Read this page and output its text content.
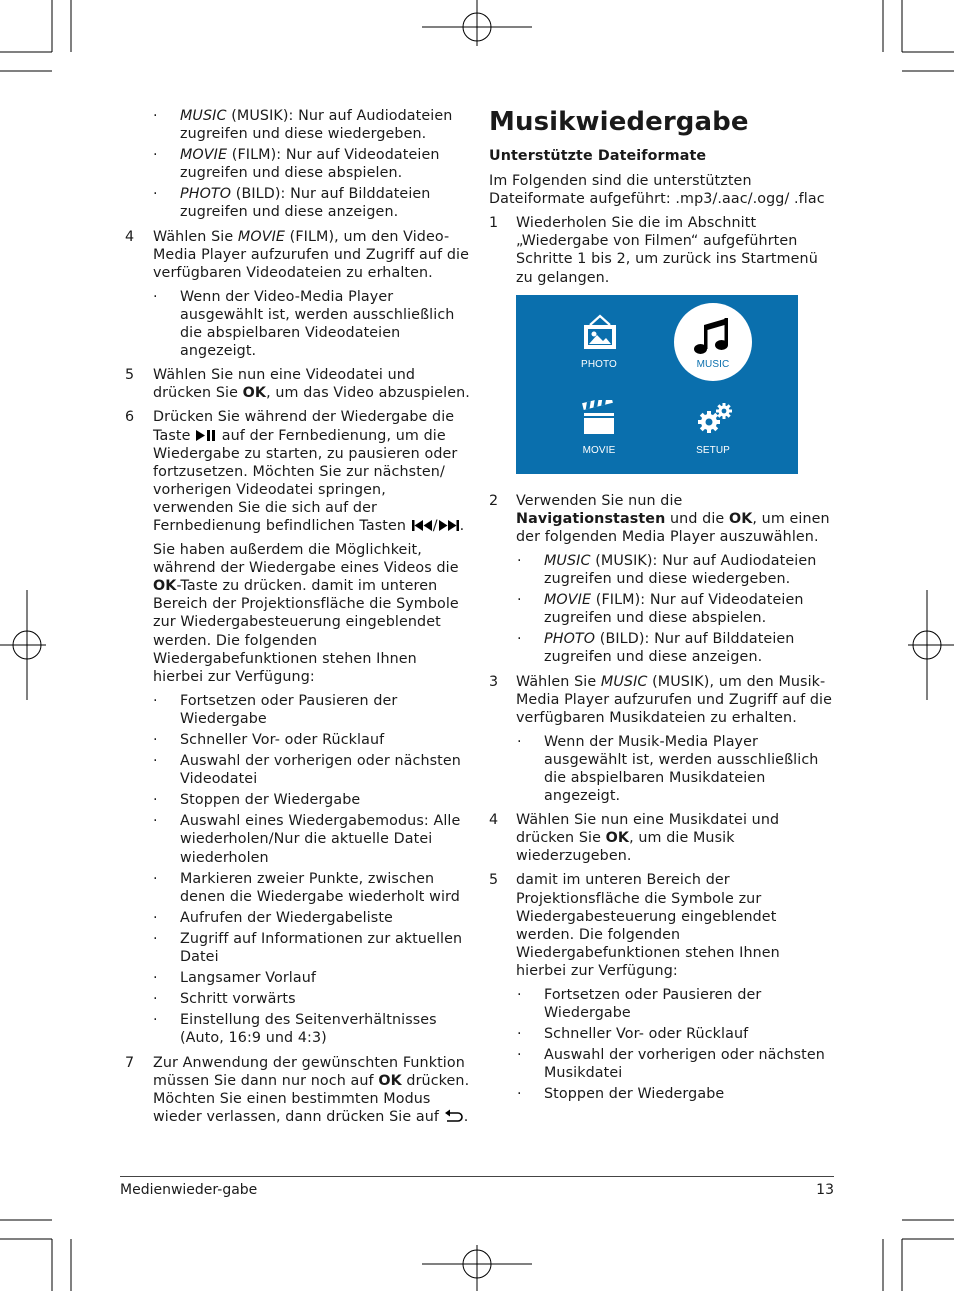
· MUSIC (MUSIK): Nur auf Audiodateien zugreifen und diese wiedergeben.
· MOVIE (FILM): Nur auf Videodateien zugreifen und diese abspielen.
· PHOTO (BILD): Nur auf Bilddateien zugreifen und diese anzeigen.
4 Wählen Sie MOVIE (FILM), um den Video-Media Player aufzurufen und Zugriff auf die verfügbaren Videodateien zu erhalten.
· Wenn der Video-Media Player ausgewählt ist, werden ausschließlich die abspielbaren Videodateien angezeigt.
5 Wählen Sie nun eine Videodatei und drücken Sie OK, um das Video abzuspielen.
6 Drücken Sie während der Wiedergabe die Taste  auf der Fernbedienung, um die Wiedergabe zu starten, zu pausieren oder fortzusetzen. Möchten Sie zur nächsten/ vorherigen Videodatei springen, verwenden Sie die sich auf der Fernbedienung befindlichen Tasten / .
Sie haben außerdem die Möglichkeit, während der Wiedergabe eines Videos die OK-Taste zu drücken. damit im unteren Bereich der Projektionsfläche die Symbole zur Wiedergabesteuerung eingeblendet werden. Die folgenden Wiedergabefunktionen stehen Ihnen hierbei zur Verfügung:
· Fortsetzen oder Pausieren der Wiedergabe
· Schneller Vor- oder Rücklauf
· Auswahl der vorherigen oder nächsten Videodatei
· Stoppen der Wiedergabe
· Auswahl eines Wiedergabemodus: Alle wiederholen/Nur die aktuelle Datei wiederholen
· Markieren zweier Punkte, zwischen denen die Wiedergabe wiederholt wird
· Aufrufen der Wiedergabeliste
· Zugriff auf Informationen zur aktuellen Datei
· Langsamer Vorlauf
· Schritt vorwärts
· Einstellung des Seitenverhältnisses (Auto, 16:9 und 4:3)
7 Zur Anwendung der gewünschten Funktion müssen Sie dann nur noch auf OK drücken. Möchten Sie einen bestimmten Modus wieder verlassen, dann drücken Sie auf .
Musikwiedergabe
Unterstützte Dateiformate
Im Folgenden sind die unterstützten Dateiformate aufgeführt: .mp3/.aac/.ogg/ .flac
1 Wiederholen Sie die im Abschnitt „Wiedergabe von Filmen“ aufgeführten Schritte 1 bis 2, um zurück ins Startmenü zu gelangen.
PHOTO	MUSIC
MOVIE	SETUP
2 Verwenden Sie nun die Navigationstasten und die OK, um einen der folgenden Media Player auszuwählen.
· MUSIC (MUSIK): Nur auf Audiodateien zugreifen und diese wiedergeben.
· MOVIE (FILM): Nur auf Videodateien zugreifen und diese abspielen.
· PHOTO (BILD): Nur auf Bilddateien zugreifen und diese anzeigen.
3 Wählen Sie MUSIC (MUSIK), um den Musik-Media Player aufzurufen und Zugriff auf die verfügbaren Musikdateien zu erhalten.
· Wenn der Musik-Media Player ausgewählt ist, werden ausschließlich die abspielbaren Musikdateien angezeigt.
4 Wählen Sie nun eine Musikdatei und drücken Sie OK, um die Musik wiederzugeben.
5 damit im unteren Bereich der Projektionsfläche die Symbole zur Wiedergabesteuerung eingeblendet werden. Die folgenden Wiedergabefunktionen stehen Ihnen hierbei zur Verfügung:
· Fortsetzen oder Pausieren der Wiedergabe
· Schneller Vor- oder Rücklauf
· Auswahl der vorherigen oder nächsten Musikdatei
· Stoppen der Wiedergabe
Medienwieder-gabe	13
